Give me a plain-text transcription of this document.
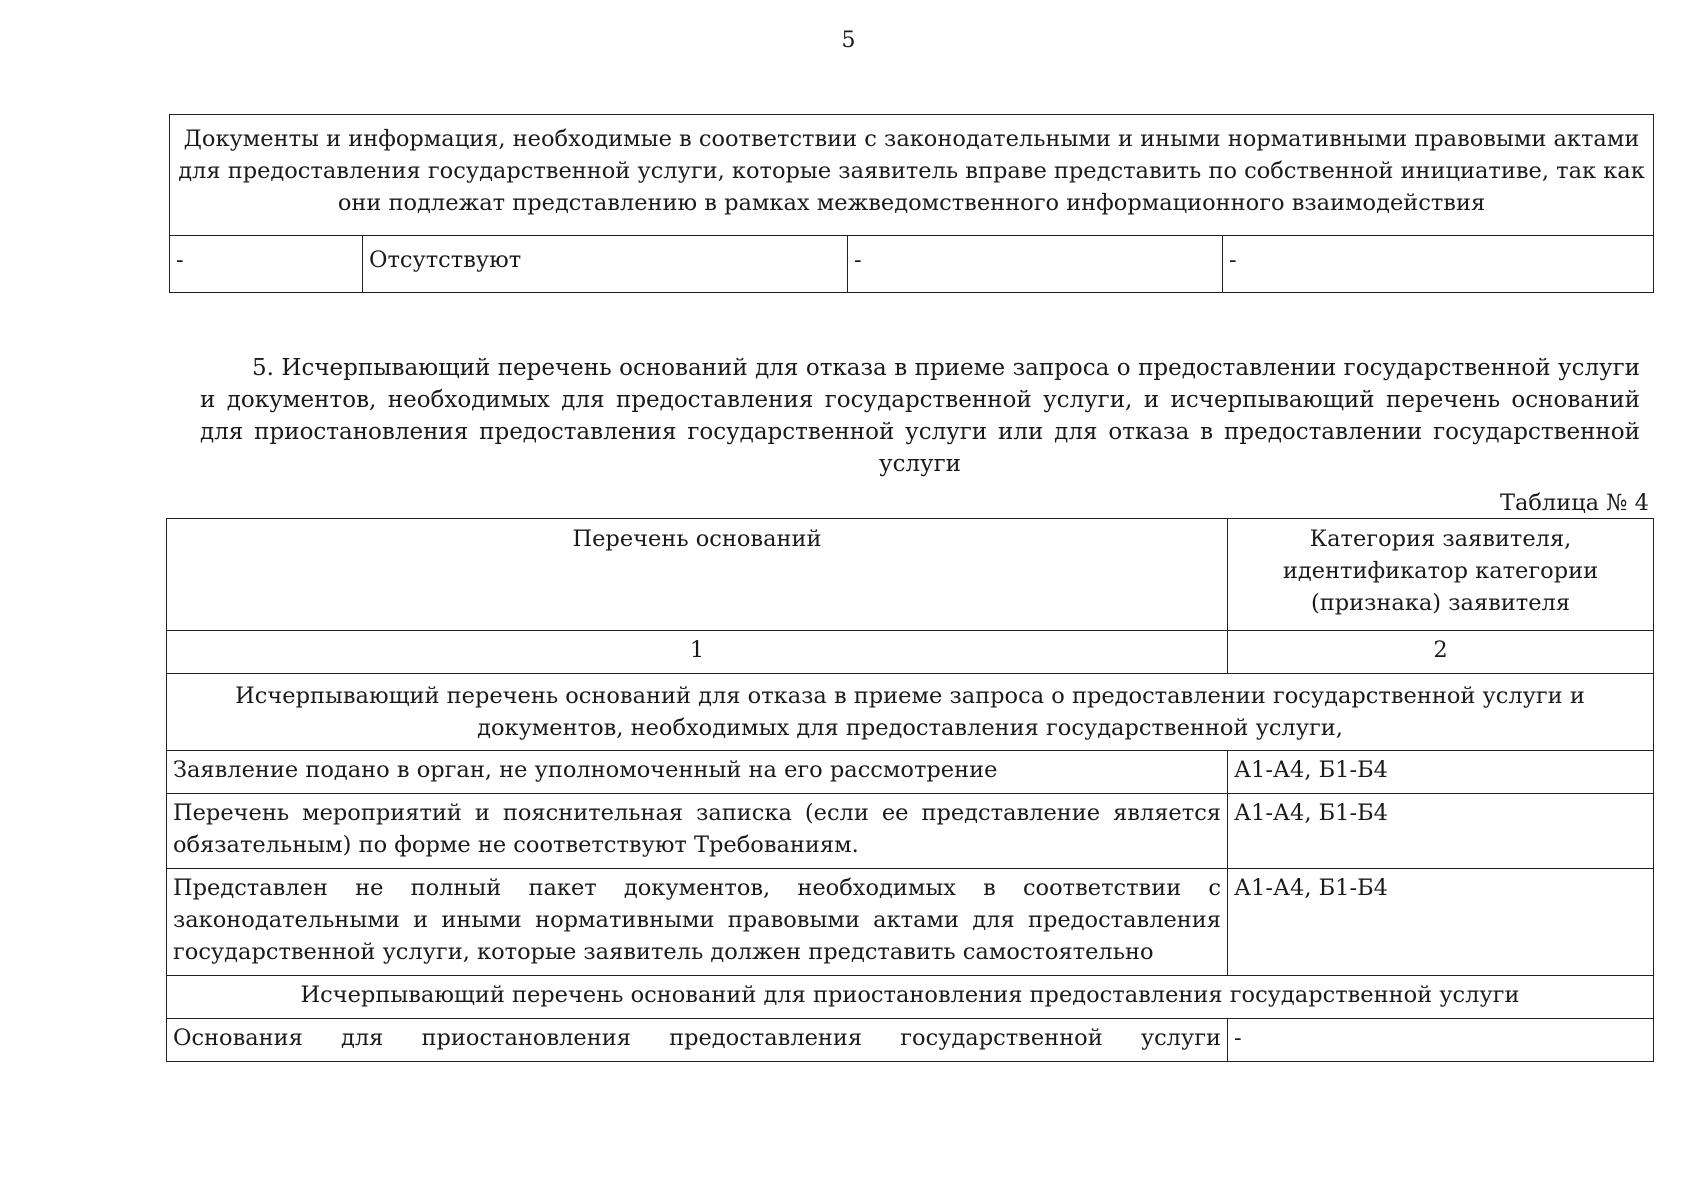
5
Документы и информация, необходимые в соответствии с законодательными и иными нормативными правовыми актами для предоставления государственной услуги, которые заявитель вправе представить по собственной инициативе, так как они подлежат представлению в рамках межведомственного информационного взаимодействия
-	Отсутствуют	-	-
5. Исчерпывающий перечень оснований для отказа в приеме запроса о предоставлении государственной услуги и документов, необходимых для предоставления государственной услуги, и исчерпывающий перечень оснований для приостановления предоставления государственной услуги или для отказа в предоставлении государственной услуги
Таблица № 4
Перечень оснований	Категория заявителя, идентификатор категории (признака) заявителя
1	2
Исчерпывающий перечень оснований для отказа в приеме запроса о предоставлении государственной услуги и документов, необходимых для предоставления государственной услуги,	
Заявление подано в орган, не уполномоченный на его рассмотрение	А1-А4, Б1-Б4
Перечень мероприятий и пояснительная записка (если ее представление является обязательным) по форме не соответствуют Требованиям.	А1-А4, Б1-Б4
Представлен не полный пакет документов, необходимых в соответствии с законодательными и иными нормативными правовыми актами для предоставления государственной услуги, которые заявитель должен представить самостоятельно	А1-А4, Б1-Б4
Исчерпывающий перечень оснований для приостановления предоставления государственной услуги	
Основания для приостановления предоставления государственной услуги	-
